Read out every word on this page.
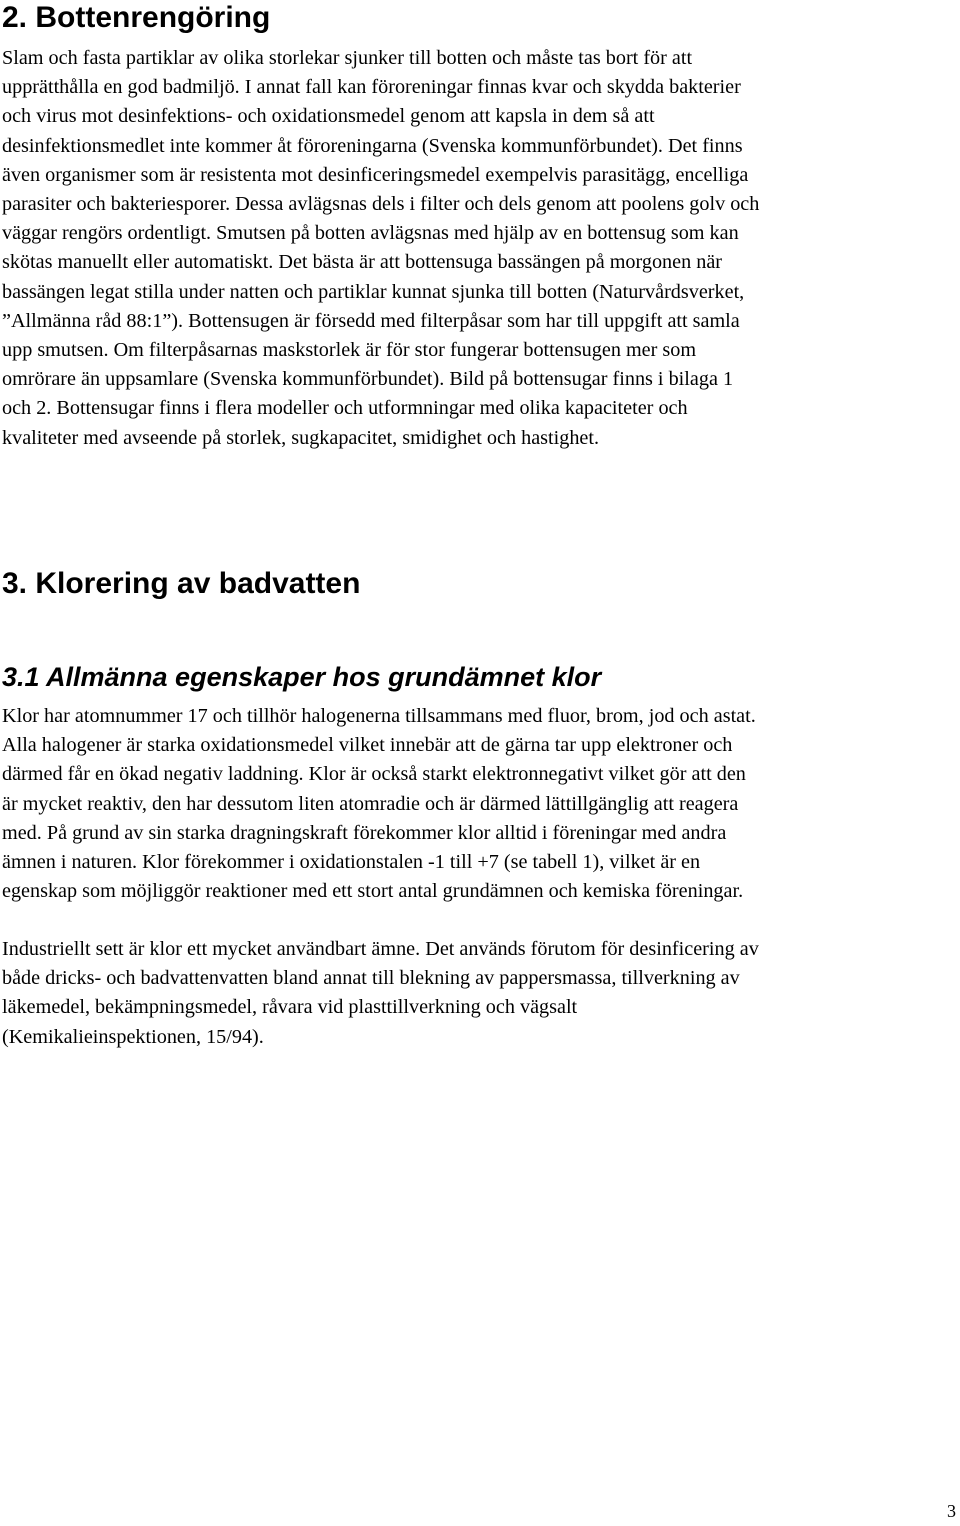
2. Bottenrengöring
Slam och fasta partiklar av olika storlekar sjunker till botten och måste tas bort för att
upprätthålla en god badmiljö. I annat fall kan föroreningar finnas kvar och skydda bakterier
och virus mot desinfektions- och oxidationsmedel genom att kapsla in dem så att
desinfektionsmedlet inte kommer åt föroreningarna (Svenska kommunförbundet). Det finns
även organismer som är resistenta mot desinficeringsmedel exempelvis parasitägg, encelliga
parasiter och bakteriesporer. Dessa avlägsnas dels i filter och dels genom att poolens golv och
väggar rengörs ordentligt. Smutsen på botten avlägsnas med hjälp av en bottensug som kan
skötas manuellt eller automatiskt. Det bästa är att bottensuga bassängen på morgonen när
bassängen legat stilla under natten och partiklar kunnat sjunka till botten (Naturvårdsverket,
”Allmänna råd 88:1”). Bottensugen är försedd med filterpåsar som har till uppgift att samla
upp smutsen. Om filterpåsarnas maskstorlek är för stor fungerar bottensugen mer som
omrörare än uppsamlare (Svenska kommunförbundet). Bild på bottensugar finns i bilaga 1
och 2. Bottensugar finns i flera modeller och utformningar med olika kapaciteter och
kvaliteter med avseende på storlek, sugkapacitet, smidighet och hastighet.
3. Klorering av badvatten
3.1 Allmänna egenskaper hos grundämnet klor
Klor har atomnummer 17 och tillhör halogenerna tillsammans med fluor, brom, jod och astat.
Alla halogener är starka oxidationsmedel vilket innebär att de gärna tar upp elektroner och
därmed får en ökad negativ laddning. Klor är också starkt elektronnegativt vilket gör att den
är mycket reaktiv, den har dessutom liten atomradie och är därmed lättillgänglig att reagera
med. På grund av sin starka dragningskraft förekommer klor alltid i föreningar med andra
ämnen i naturen. Klor förekommer i oxidationstalen -1 till +7 (se tabell 1), vilket är en
egenskap som möjliggör reaktioner med ett stort antal grundämnen och kemiska föreningar.
Industriellt sett är klor ett mycket användbart ämne. Det används förutom för desinficering av
både dricks- och badvattenvatten bland annat till blekning av pappersmassa, tillverkning av
läkemedel, bekämpningsmedel, råvara vid plasttillverkning och vägsalt
(Kemikalieinspektionen, 15/94).
3
